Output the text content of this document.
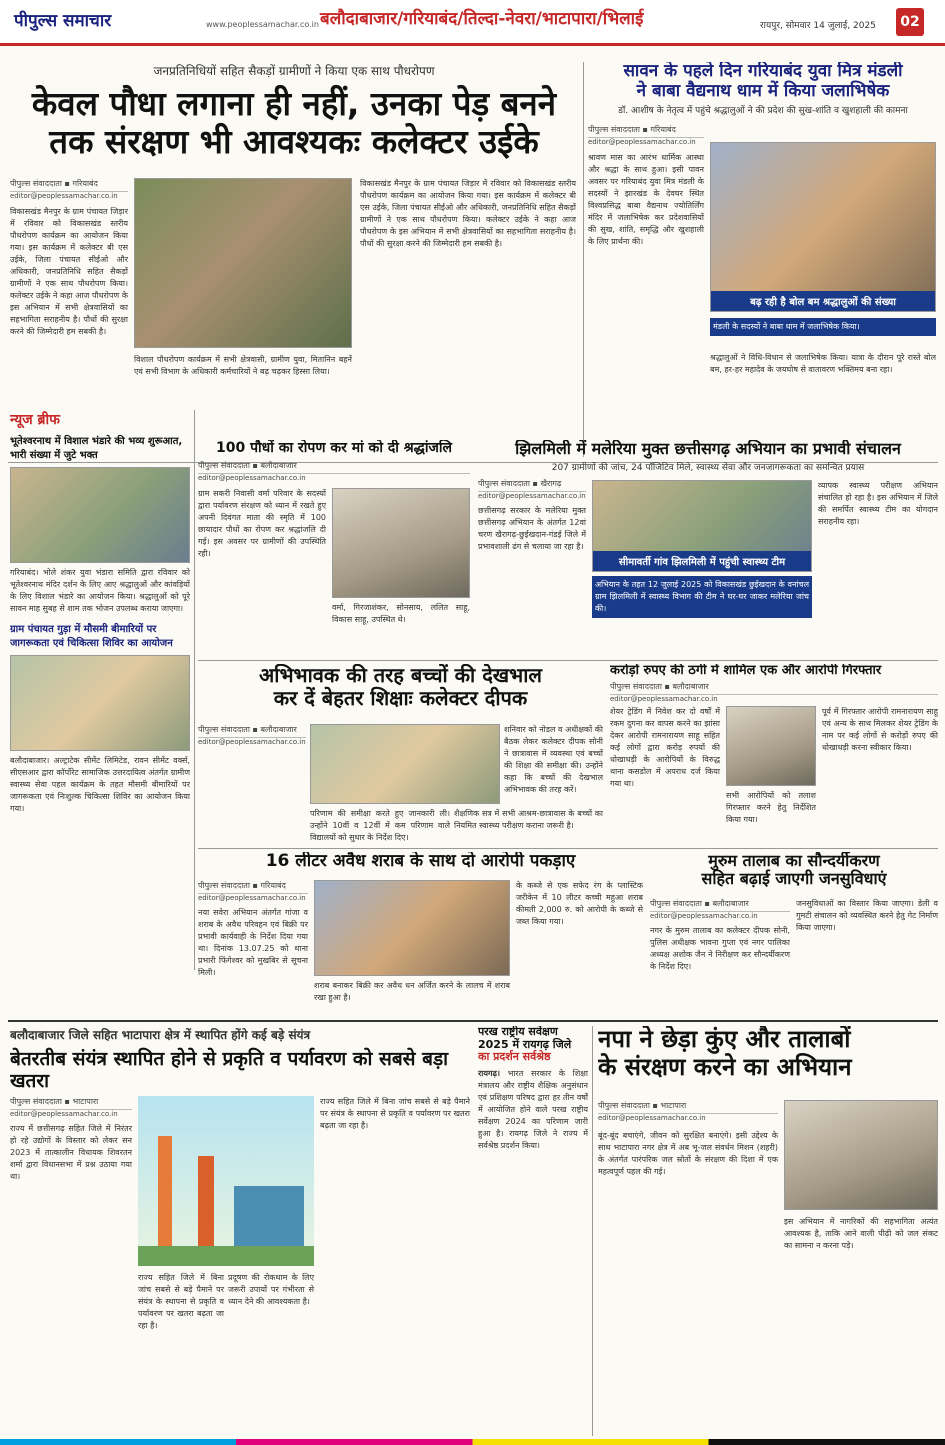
पीपुल्स समाचार	www.peoplessamachar.co.in बलौदाबाजार/गरियाबंद/तिल्दा-नेवरा/भाटापारा/भिलाई	रायपुर, सोमवार 14 जुलाई, 2025	02
जनप्रतिनिधियों सहित सैकड़ों ग्रामीणों ने किया एक साथ पौधरोपण
केवल पौधा लगाना ही नहीं, उनका पेड़ बनने
तक संरक्षण भी आवश्यकः कलेक्टर उईके
पीपुल्स संवाददाता ▪ गरियाबंद
editor@peoplessamachar.co.in
विकासखंड मैनपुर के ग्राम पंचायत जिड़ार में रविवार को विकासखंड स्तरीय पौधरोपण कार्यक्रम का आयोजन किया गया। इस कार्यक्रम में कलेक्टर बी एस उईके, जिला पंचायत सीईओ और अधिकारी, जनप्रतिनिधि सहित सैकड़ों ग्रामीणों ने एक साथ पौधरोपण किया। कलेक्टर उईके ने कहा आज पौधरोपण के इस अभियान में सभी क्षेत्रवासियों का सहभागिता सराहनीय है। पौधों की सुरक्षा करने की जिम्मेदारी हम सबकी है।
विशाल पौधरोपण कार्यक्रम में सभी क्षेत्रवासी, ग्रामीण युवा, मितानिन बहनें एवं सभी विभाग के अधिकारी कर्मचारियों ने बढ़ चढ़कर हिस्सा लिया।
विकासखंड मैनपुर के ग्राम पंचायत जिड़ार में रविवार को विकासखंड स्तरीय पौधरोपण कार्यक्रम का आयोजन किया गया। इस कार्यक्रम में कलेक्टर बी एस उईके, जिला पंचायत सीईओ और अधिकारी, जनप्रतिनिधि सहित सैकड़ों ग्रामीणों ने एक साथ पौधरोपण किया। कलेक्टर उईके ने कहा आज पौधरोपण के इस अभियान में सभी क्षेत्रवासियों का सहभागिता सराहनीय है। पौधों की सुरक्षा करने की जिम्मेदारी हम सबकी है।
सावन के पहले दिन गरियाबंद युवा मित्र मंडली
ने बाबा वैद्यनाथ धाम में किया जलाभिषेक
डॉ. आशीष के नेतृत्व में पहुंचे श्रद्धालुओं ने की प्रदेश की सुख-शांति व खुशहाली की कामना
पीपुल्स संवाददाता ▪ गरियाबंद
editor@peoplessamachar.co.in
श्रावण मास का आरंभ धार्मिक आस्था और श्रद्धा के साथ हुआ। इसी पावन अवसर पर गरियाबंद युवा मित्र मंडली के सदस्यों ने झारखंड के देवघर स्थित विश्वप्रसिद्ध बाबा वैद्यनाथ ज्योतिर्लिंग मंदिर में जलाभिषेक कर प्रदेशवासियों की सुख, शांति, समृद्धि और खुशहाली के लिए प्रार्थना की।
बढ़ रही है बोल बम श्रद्धालुओं की संख्या
मंडली के सदस्यों ने बाबा धाम में जलाभिषेक किया।
श्रद्धालुओं ने विधि-विधान से जलाभिषेक किया। यात्रा के दौरान पूरे रास्ते बोल बम, हर-हर महादेव के जयघोष से वातावरण भक्तिमय बना रहा।
न्यूज ब्रीफ
भूतेश्वरनाथ में विशाल भंडारे की भव्य शुरूआत, भारी संख्या में जुटे भक्त
गरियाबंद। भोले शंकर युवा भंडारा समिति द्वारा रविवार को भूतेश्वरनाथ मंदिर दर्शन के लिए आए श्रद्धालुओं और कांवड़ियों के लिए विशाल भंडारे का आयोजन किया। श्रद्धालुओं को पूरे सावन माह सुबह से शाम तक भोजन उपलब्ध कराया जाएगा।
ग्राम पंचायत गुड़ा में मौसमी बीमारियों पर जागरूकता एवं चिकित्सा शिविर का आयोजन
बलौदाबाजार। अल्ट्राटेक सीमेंट लिमिटेड, रावन सीमेंट वर्क्स, सीएसआर द्वारा कॉर्पोरेट सामाजिक उत्तरदायित्व अंतर्गत ग्रामीण स्वास्थ्य सेवा पहल कार्यक्रम के तहत मौसमी बीमारियों पर जागरूकता एवं निःशुल्क चिकित्सा शिविर का आयोजन किया गया।
100 पौधों का रोपण कर मां को दी श्रद्धांजलि
पीपुल्स संवाददाता ▪ बलौदाबाजार
editor@peoplessamachar.co.in
ग्राम सकरी निवासी वर्मा परिवार के सदस्यों द्वारा पर्यावरण संरक्षण को ध्यान में रखते हुए अपनी दिवंगत माता की स्मृति में 100 छायादार पौधों का रोपण कर श्रद्धांजलि दी गई। इस अवसर पर ग्रामीणों की उपस्थिति रही।
वर्मा, गिरजाशंकर, सोनसाय, ललित साहू, विकास साहू, उपस्थित थे।
झिलमिली में मलेरिया मुक्त छत्तीसगढ़ अभियान का प्रभावी संचालन
207 ग्रामीणों की जांच, 24 पॉजिटिव मिले, स्वास्थ्य सेवा और जनजागरूकता का समन्वित प्रयास
पीपुल्स संवाददाता ▪ खैरागढ़
editor@peoplessamachar.co.in
छत्तीसगढ़ सरकार के मलेरिया मुक्त छत्तीसगढ़ अभियान के अंतर्गत 12वां चरण खैरागढ़-छुईखदान-गंडई जिले में प्रभावशाली ढंग से चलाया जा रहा है।
सीमावर्ती गांव झिलमिली में पहुंची स्वास्थ्य टीम
अभियान के तहत 12 जुलाई 2025 को विकासखंड छुईखदान के वनांचल ग्राम झिलमिली में स्वास्थ्य विभाग की टीम ने घर-घर जाकर मलेरिया जांच की।
व्यापक स्वास्थ्य परीक्षण अभियान संचालित हो रहा है। इस अभियान में जिले की समर्पित स्वास्थ्य टीम का योगदान सराहनीय रहा।
अभिभावक की तरह बच्चों की देखभाल
कर दें बेहतर शिक्षाः कलेक्टर दीपक
पीपुल्स संवाददाता ▪ बलौदाबाजार
editor@peoplessamachar.co.in
शनिवार को नोडल व अधीक्षकों की बैठक लेकर कलेक्टर दीपक सोनी ने छात्रावास में व्यवस्था एवं बच्चों की शिक्षा की समीक्षा की। उन्होंने कहा कि बच्चों की देखभाल अभिभावक की तरह करें।
परिणाम की समीक्षा करते हुए जानकारी ली। उन्होंने 10वीं व 12वीं में कम परिणाम वाले विद्यालयों को सुधार के निर्देश दिए।
शैक्षणिक सत्र में सभी आश्रम-छात्रावास के बच्चों का नियमित स्वास्थ्य परीक्षण कराना जरूरी है।
करोड़ों रुपए की ठगी में शामिल एक और आरोपी गिरफ्तार
पीपुल्स संवाददाता ▪ बलौदाबाजार
editor@peoplessamachar.co.in
शेयर ट्रेडिंग में निवेश कर दो वर्षों में रकम दुगना कर वापस करने का झांसा देकर आरोपी रामनारायण साहू सहित कई लोगों द्वारा करोड़ रुपयों की धोखाधड़ी के आरोपियों के विरुद्ध थाना कसडोल में अपराध दर्ज किया गया था।
सभी आरोपियों को तलाश गिरफ्तार करने हेतु निर्देशित किया गया।
पूर्व में गिरफ्तार आरोपी रामनारायण साहू एवं अन्य के साथ मिलकर शेयर ट्रेडिंग के नाम पर कई लोगों से करोड़ों रुपए की धोखाधड़ी करना स्वीकार किया।
16 लीटर अवैध शराब के साथ दो आरोपी पकड़ाए
पीपुल्स संवाददाता ▪ गरियाबंद
editor@peoplessamachar.co.in
नया सवेरा अभियान अंतर्गत गांजा व शराब के अवैध परिवहन एवं बिक्री पर प्रभावी कार्यवाही के निर्देश दिया गया था। दिनांक 13.07.25 को थाना प्रभारी फिंगेश्वर को मुखबिर से सूचना मिली।
शराब बनाकर बिक्री कर अवैध धन अर्जित करने के लालच में शराब रखा हुआ है।
के कब्जे से एक सफेद रंग के प्लास्टिक जरीकेन में 10 लीटर कच्ची महुआ शराब कीमती 2,000 रु. को आरोपी के कब्जे से जब्त किया गया।
मुरुम तालाब का सौन्दर्यीकरण
सहित बढ़ाई जाएगी जनसुविधाएं
पीपुल्स संवाददाता ▪ बलौदाबाजार
editor@peoplessamachar.co.in
नगर के मुरुम तालाब का कलेक्टर दीपक सोनी, पुलिस अधीक्षक भावना गुप्ता एवं नगर पालिका अध्यक्ष अशोक जैन ने निरीक्षण कर सौन्दर्यीकरण के निर्देश दिए।
जनसुविधाओं का विस्तार किया जाएगा। डेली व गुमटी संचालन को व्यवस्थित करने हेतु गेट निर्माण किया जाएगा।
बलौदाबाजार जिले सहित भाटापारा क्षेत्र में स्थापित होंगे कई बड़े संयंत्र
बेतरतीब संयंत्र स्थापित होने से प्रकृति व पर्यावरण को सबसे बड़ा खतरा
पीपुल्स संवाददाता ▪ भाटापारा
editor@peoplessamachar.co.in
राज्य में छत्तीसगढ़ सहित जिले में निरंतर हो रहे उद्योगों के विस्तार को लेकर सन 2023 में तात्कालीन विधायक शिवरतन शर्मा द्वारा विधानसभा में प्रश्न उठाया गया था।
राज्य सहित जिले में बिना जांच सबसे से बड़े पैमाने पर संयंत्र के स्थापना से प्रकृति व पर्यावरण पर खतरा बढ़ता जा रहा है।
प्रदूषण की रोकथाम के लिए जरूरी उपायों पर गंभीरता से ध्यान देने की आवश्यकता है।
राज्य सहित जिले में बिना जांच सबसे से बड़े पैमाने पर संयंत्र के स्थापना से प्रकृति व पर्यावरण पर खतरा बढ़ता जा रहा है।
परख राष्ट्रीय सर्वेक्षण
2025 में रायगढ़ जिले
का प्रदर्शन सर्वश्रेष्ठ
रायगढ़। भारत सरकार के शिक्षा मंत्रालय और राष्ट्रीय शैक्षिक अनुसंधान एवं प्रशिक्षण परिषद द्वारा हर तीन वर्षों में आयोजित होने वाले परख राष्ट्रीय सर्वेक्षण 2024 का परिणाम जारी हुआ है। रायगढ़ जिले ने राज्य में सर्वश्रेष्ठ प्रदर्शन किया।
नपा ने छेड़ा कुंए और तालाबों
के संरक्षण करने का अभियान
पीपुल्स संवाददाता ▪ भाटापारा
editor@peoplessamachar.co.in
बूंद-बूंद बचाएंगे, जीवन को सुरक्षित बनाएंगे। इसी उद्देश्य के साथ भाटापारा नगर क्षेत्र में अब भू-जल संवर्धन मिशन (शहरी) के अंतर्गत पारंपरिक जल स्रोतों के संरक्षण की दिशा में एक महत्वपूर्ण पहल की गई।
इस अभियान में नागरिकों की सहभागिता अत्यंत आवश्यक है, ताकि आने वाली पीढ़ी को जल संकट का सामना न करना पड़े।
